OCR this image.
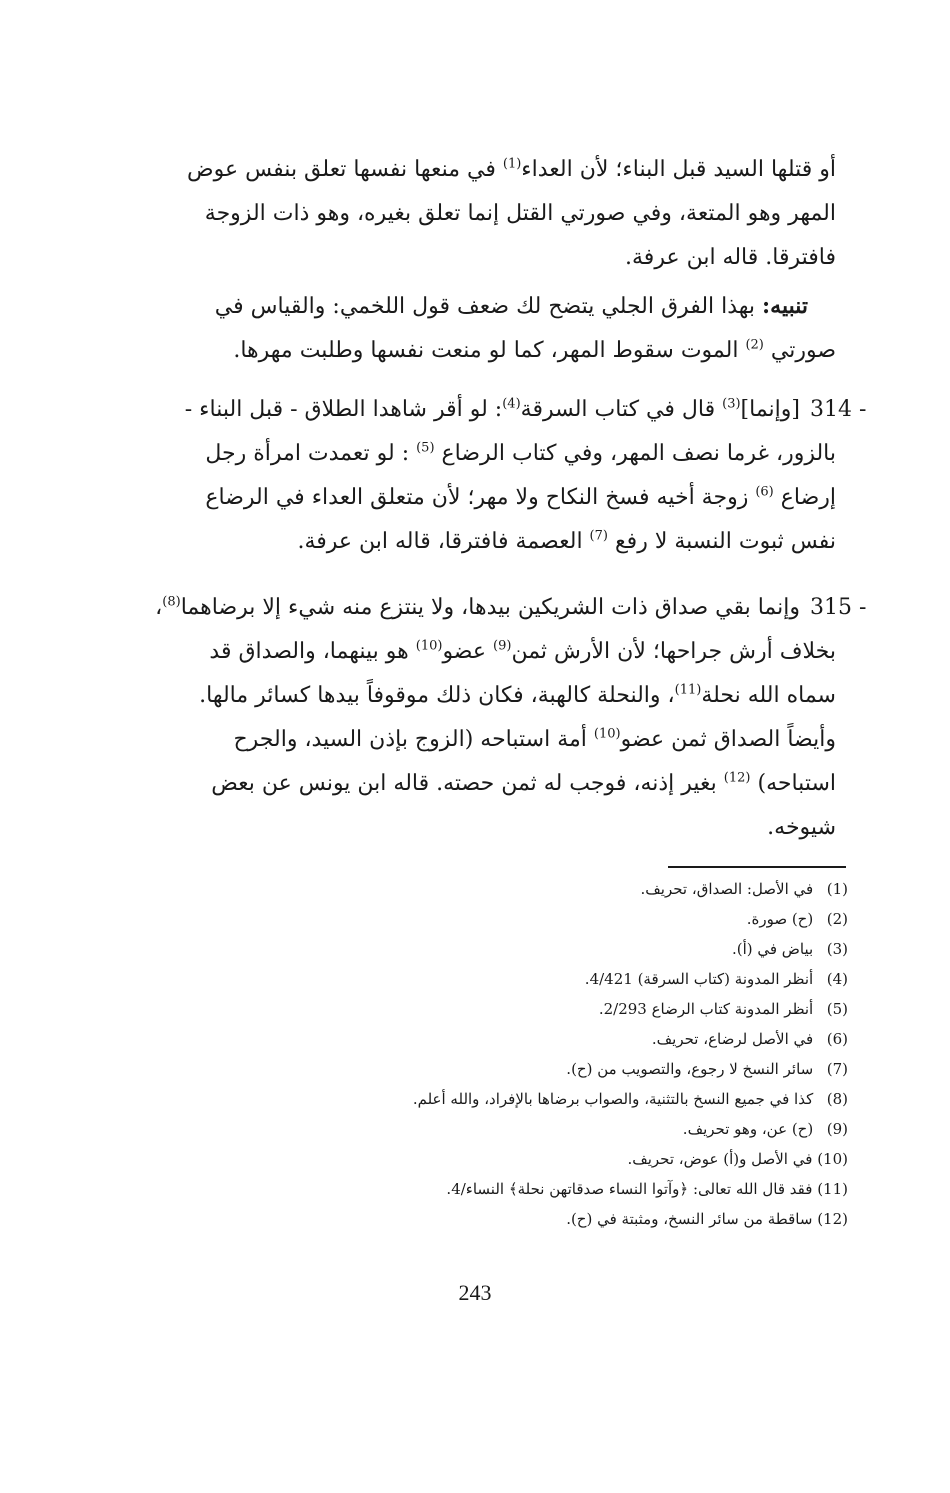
أو قتلها السيد قبل البناء؛ لأن العداء$^{(1)}$ في منعها نفسها تعلق بنفس عوض
المهر وهو المتعة، وفي صورتي القتل إنما تعلق بغيره، وهو ذات الزوجة
فافترقا. قاله ابن عرفة.
تنبيه: بهذا الفرق الجلي يتضح لك ضعف قول اللخمي: والقياس في
صورتي $^{(2)}$ الموت سقوط المهر، كما لو منعت نفسها وطلبت مهرها.
314 -
[وإنما]$^{(3)}$ قال في كتاب السرقة$^{(4)}$: لو أقر شاهدا الطلاق - قبل البناء -
بالزور، غرما نصف المهر، وفي كتاب الرضاع $^{(5)}$ : لو تعمدت امرأة رجل
إرضاع $^{(6)}$ زوجة أخيه فسخ النكاح ولا مهر؛ لأن متعلق العداء في الرضاع
نفس ثبوت النسبة لا رفع $^{(7)}$ العصمة فافترقا، قاله ابن عرفة.
315 -
وإنما بقي صداق ذات الشريكين بيدها، ولا ينتزع منه شيء إلا برضاهما$^{(8)}$،
بخلاف أرش جراحها؛ لأن الأرش ثمن$^{(9)}$ عضو$^{(10)}$ هو بينهما، والصداق قد
سماه الله نحلة$^{(11)}$، والنحلة كالهبة، فكان ذلك موقوفاً بيدها كسائر مالها.
وأيضاً الصداق ثمن عضو$^{(10)}$ أمة استباحه (الزوج بإذن السيد، والجرح
استباحه) $^{(12)}$ بغير إذنه، فوجب له ثمن حصته. قاله ابن يونس عن بعض
شيوخه.
(1) في الأصل: الصداق، تحريف.
(2) (ح) صورة.
(3) بياض في (أ).
(4) أنظر المدونة (كتاب السرقة) 4/421.
(5) أنظر المدونة كتاب الرضاع 2/293.
(6) في الأصل لرضاع، تحريف.
(7) سائر النسخ لا رجوع، والتصويب من (ح).
(8) كذا في جميع النسخ بالتثنية، والصواب برضاها بالإفراد، والله أعلم.
(9) (ح) عن، وهو تحريف.
(10) في الأصل و(أ) عوض، تحريف.
(11) فقد قال الله تعالى: ﴿وآتوا النساء صدقاتهن نحلة﴾ النساء/4.
(12) ساقطة من سائر النسخ، ومثبتة في (ح).
243
